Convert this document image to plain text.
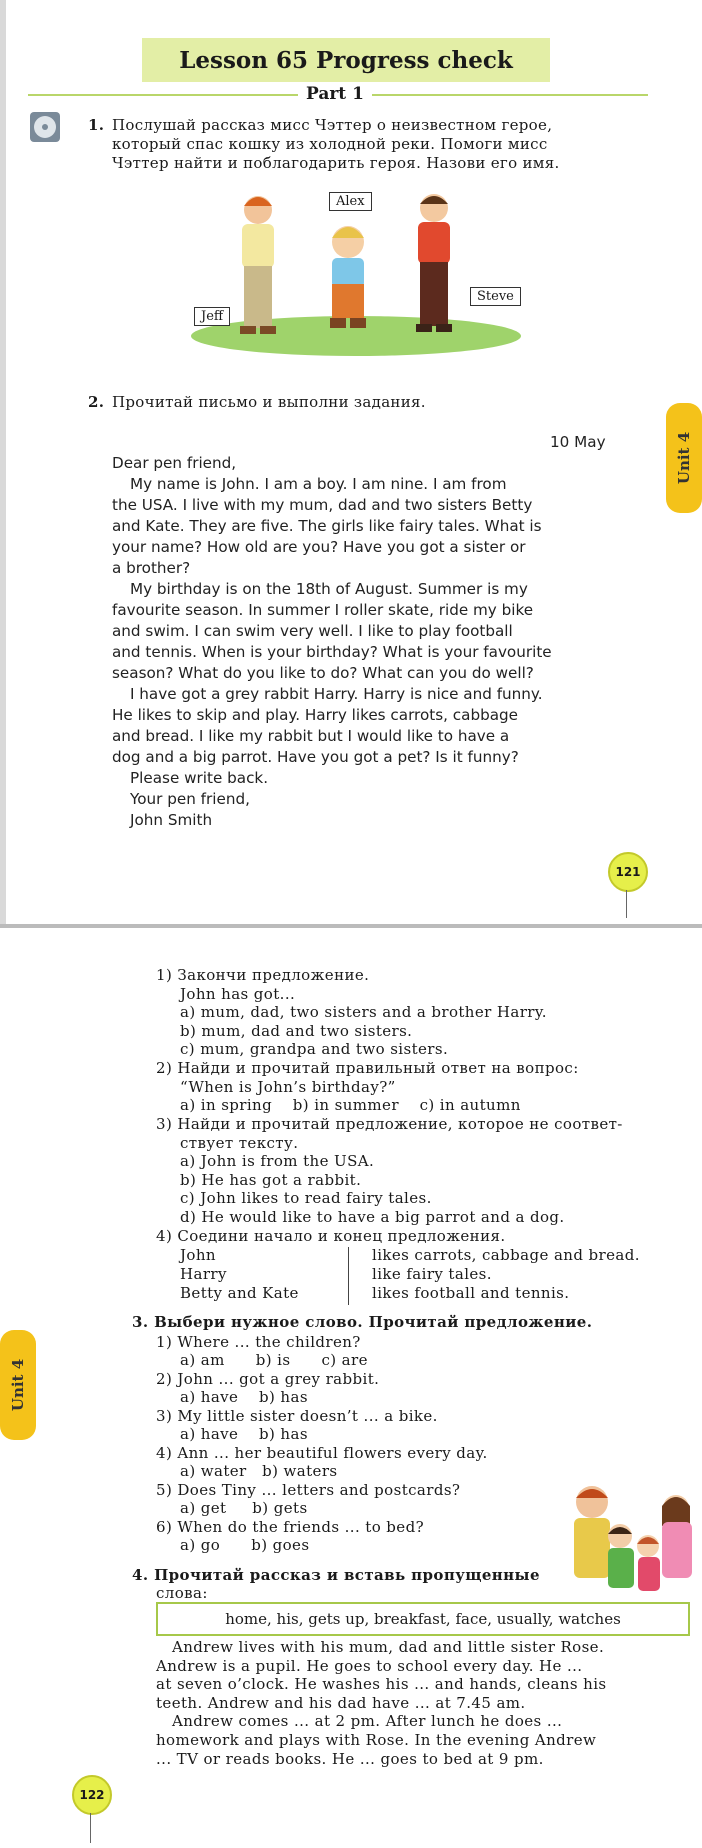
Lesson 65 Progress check
Part 1
1. Послушай рассказ мисс Чэттер о неизвестном герое,
который спас кошку из холодной реки. Помоги мисс
Чэттер найти и поблагодарить героя. Назови его имя.
Alex
Jeff
Steve
2. Прочитай письмо и выполни задания.
10 May
Dear pen friend,

My name is John. I am a boy. I am nine. I am from

the USA. I live with my mum, dad and two sisters Betty

and Kate. They are five. The girls like fairy tales. What is

your name? How old are you? Have you got a sister or

a brother?

My birthday is on the 18th of August. Summer is my

favourite season. In summer I roller skate, ride my bike

and swim. I can swim very well. I like to play football

and tennis. When is your birthday? What is your favourite

season? What do you like to do? What can you do well?

I have got a grey rabbit Harry. Harry is nice and funny.

He likes to skip and play. Harry likes carrots, cabbage

and bread. I like my rabbit but I would like to have a

dog and a big parrot. Have you got a pet? Is it funny?

Please write back.

Your pen friend,

John Smith

Unit 4
121
1) Закончи предложение.
John has got...
a) mum, dad, two sisters and a brother Harry.
b) mum, dad and two sisters.
c) mum, grandpa and two sisters.
2) Найди и прочитай правильный ответ на вопрос:
“When is John’s birthday?”
a) in spring    b) in summer    c) in autumn
3) Найди и прочитай предложение, которое не соответ-
ствует тексту.
a) John is from the USA.
b) He has got a rabbit.
c) John likes to read fairy tales.
d) He would like to have a big parrot and a dog.
4) Соедини начало и конец предложения.
John
Harry
Betty and Kate
likes carrots, cabbage and bread.
like fairy tales.
likes football and tennis.
3. Выбери нужное слово. Прочитай предложение.
1) Where ... the children?
a) am      b) is      c) are
2) John ... got a grey rabbit.
a) have    b) has
3) My little sister doesn’t ... a bike.
a) have    b) has
4) Ann ... her beautiful flowers every day.
a) water   b) waters
5) Does Tiny ... letters and postcards?
a) get     b) gets
6) When do the friends ... to bed?
a) go      b) goes
4. Прочитай рассказ и вставь пропущенные
слова:
home, his, gets up, breakfast, face, usually, watches
Andrew lives with his mum, dad and little sister Rose.
Andrew is a pupil. He goes to school every day. He ...
at seven o’clock. He washes his ... and hands, cleans his
teeth. Andrew and his dad have ... at 7.45 am.
Andrew comes ... at 2 pm. After lunch he does ...
homework and plays with Rose. In the evening Andrew
... TV or reads books. He ... goes to bed at 9 pm.
Unit 4
122
